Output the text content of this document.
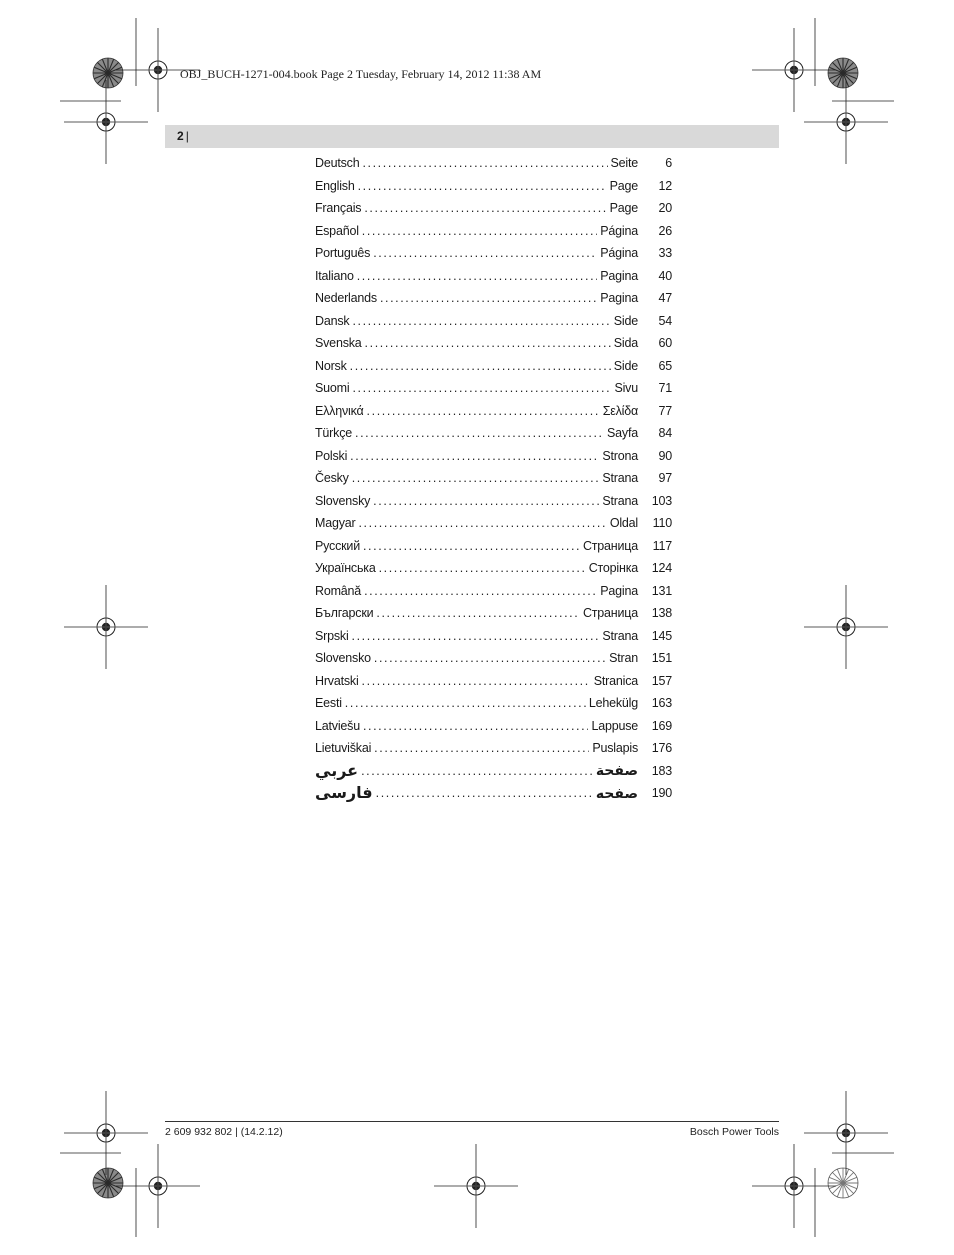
OBJ_BUCH-1271-004.book Page 2 Tuesday, February 14, 2012 11:38 AM
2 |
Deutsch .....	Seite	6
English .....	Page	12
Français .....	Page	20
Español .....	Página	26
Português .....	Página	33
Italiano .....	Pagina	40
Nederlands .....	Pagina	47
Dansk .....	Side	54
Svenska .....	Sida	60
Norsk .....	Side	65
Suomi .....	Sivu	71
Ελληνικά .....	Σελίδα	77
Türkçe .....	Sayfa	84
Polski .....	Strona	90
Česky .....	Strana	97
Slovensky .....	Strana	103
Magyar .....	Oldal	110
Русский .....	Страница	117
Українська .....	Сторінка	124
Română .....	Pagina	131
Български .....	Страница	138
Srpski .....	Strana	145
Slovensko .....	Stran	151
Hrvatski .....	Stranica	157
Eesti .....	Lehekülg	163
Latviešu .....	Lappuse	169
Lietuviškai .....	Puslapis	176
عربي .....	صفحة	183
فارسی .....	صفحه	190
2 609 932 802 | (14.2.12)	Bosch Power Tools
